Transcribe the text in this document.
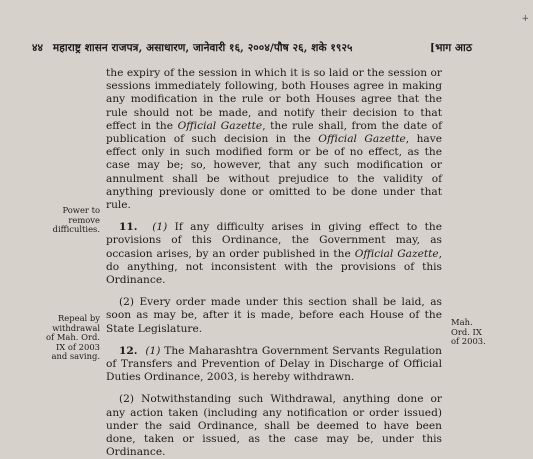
४४ महाराष्ट्र शासन राजपत्र, असाधारण, जानेवारी १६, २००४/पौष २६, शके १९२५	[भाग आठ
+

the expiry of the session in which it is so laid or the session or sessions immediately following, both Houses agree in making any modification in the rule or both Houses agree that the rule should not be made, and notify their decision to that effect in the Official Gazette, the rule shall, from the date of publication of such decision in the Official Gazette, have effect only in such modified form or be of no effect, as the case may be; so, however, that any such modification or annulment shall be without prejudice to the validity of anything previously done or omitted to be done under that rule.

11. (1) If any difficulty arises in giving effect to the provisions of this Ordinance, the Government may, as occasion arises, by an order published in the Official Gazette, do anything, not inconsistent with the provisions of this Ordinance.

(2) Every order made under this section shall be laid, as soon as may be, after it is made, before each House of the State Legislature.

12. (1) The Maharashtra Government Servants Regulation of Transfers and Prevention of Delay in Discharge of Official Duties Ordinance, 2003, is hereby withdrawn.

(2) Notwithstanding such Withdrawal, anything done or any action taken (including any notification or order issued) under the said Ordinance, shall be deemed to have been done, taken or issued, as the case may be, under this Ordinance.

Power to remove difficulties.
Repeal by withdrawal of Mah. Ord. IX of 2003 and saving.
Mah. Ord. IX of 2003.
